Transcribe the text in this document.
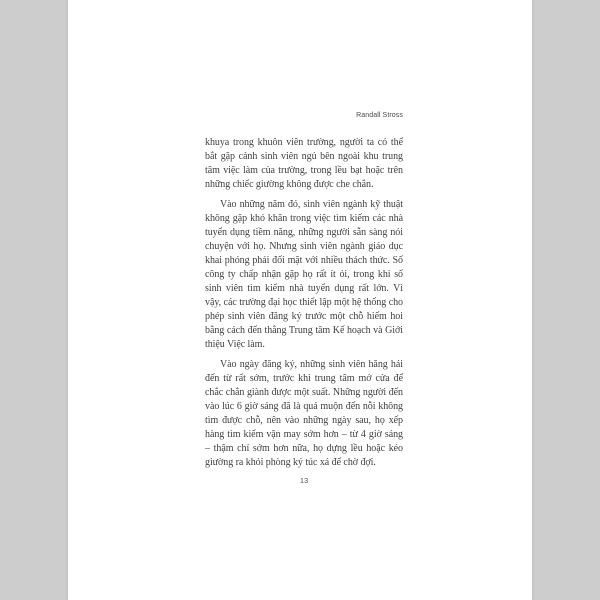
Randall Stross

khuya trong khuôn viên trường, người ta có thể bắt gặp cảnh sinh viên ngủ bên ngoài khu trung tâm việc làm của trường, trong lều bạt hoặc trên những chiếc giường không được che chắn.

Vào những năm đó, sinh viên ngành kỹ thuật không gặp khó khăn trong việc tìm kiếm các nhà tuyển dụng tiềm năng, những người sẵn sàng nói chuyện với họ. Nhưng sinh viên ngành giáo dục khai phóng phải đối mặt với nhiều thách thức. Số công ty chấp nhận gặp họ rất ít ỏi, trong khi số sinh viên tìm kiếm nhà tuyển dụng rất lớn. Vì vậy, các trường đại học thiết lập một hệ thống cho phép sinh viên đăng ký trước một chỗ hiếm hoi bằng cách đến thẳng Trung tâm Kế hoạch và Giới thiệu Việc làm.

Vào ngày đăng ký, những sinh viên hăng hái đến từ rất sớm, trước khi trung tâm mở cửa để chắc chắn giành được một suất. Những người đến vào lúc 6 giờ sáng đã là quá muộn đến nỗi không tìm được chỗ, nên vào những ngày sau, họ xếp hàng tìm kiếm vận may sớm hơn – từ 4 giờ sáng – thậm chí sớm hơn nữa, họ dựng lều hoặc kéo giường ra khỏi phòng ký túc xá để chờ đợi.

13
